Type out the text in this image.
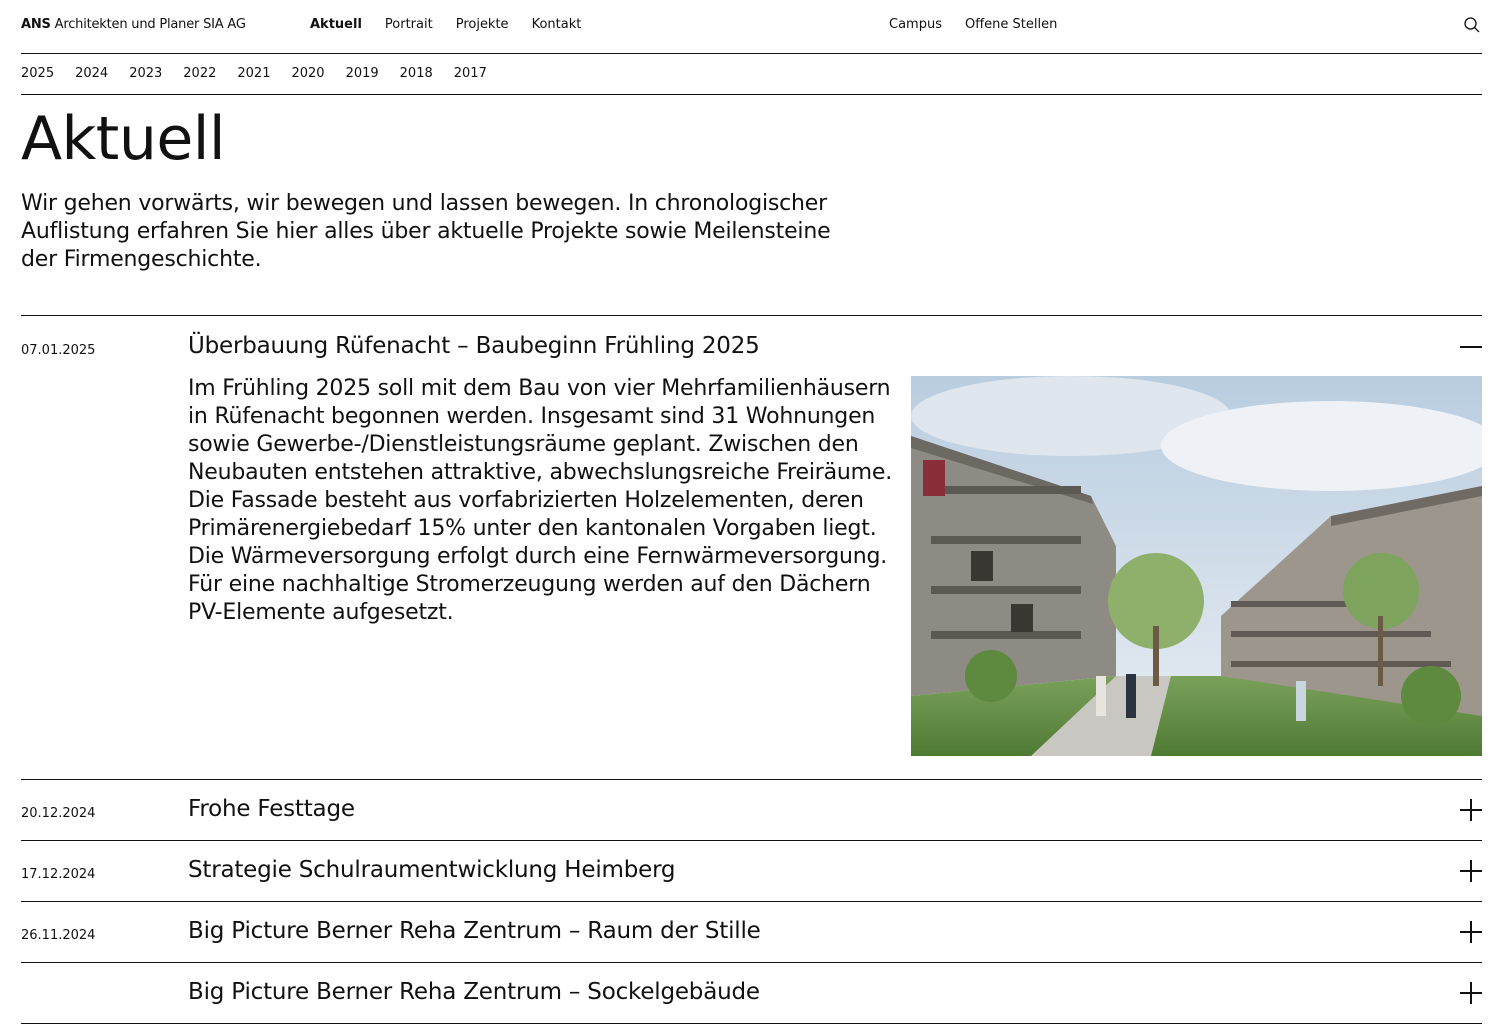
ANS Architekten und Planer SIA AG	Aktuell Portrait Projekte Kontakt	Campus Offene Stellen
2025 2024 2023 2022 2021 2020 2019 2018 2017
Aktuell

Wir gehen vorwärts, wir bewegen und lassen bewegen. In chronologischer Auflistung erfahren Sie hier alles über aktuelle Projekte sowie Meilensteine der Firmengeschichte.

07.01.2025	Überbauung Rüfenacht – Baubeginn Frühling 2025

Im Frühling 2025 soll mit dem Bau von vier Mehrfamilienhäusern in Rüfenacht begonnen werden. Insgesamt sind 31 Wohnungen sowie Gewerbe-/Dienstleistungsräume geplant. Zwischen den Neubauten entstehen attraktive, abwechslungsreiche Freiräume. Die Fassade besteht aus vorfabrizierten Holzelementen, deren Primärenergiebedarf 15% unter den kantonalen Vorgaben liegt. Die Wärmeversorgung erfolgt durch eine Fernwärmeversorgung. Für eine nachhaltige Stromerzeugung werden auf den Dächern PV-Elemente aufgesetzt.

20.12.2024	Frohe Festtage
17.12.2024	Strategie Schulraumentwicklung Heimberg
26.11.2024	Big Picture Berner Reha Zentrum – Raum der Stille
Big Picture Berner Reha Zentrum – Sockelgebäude
